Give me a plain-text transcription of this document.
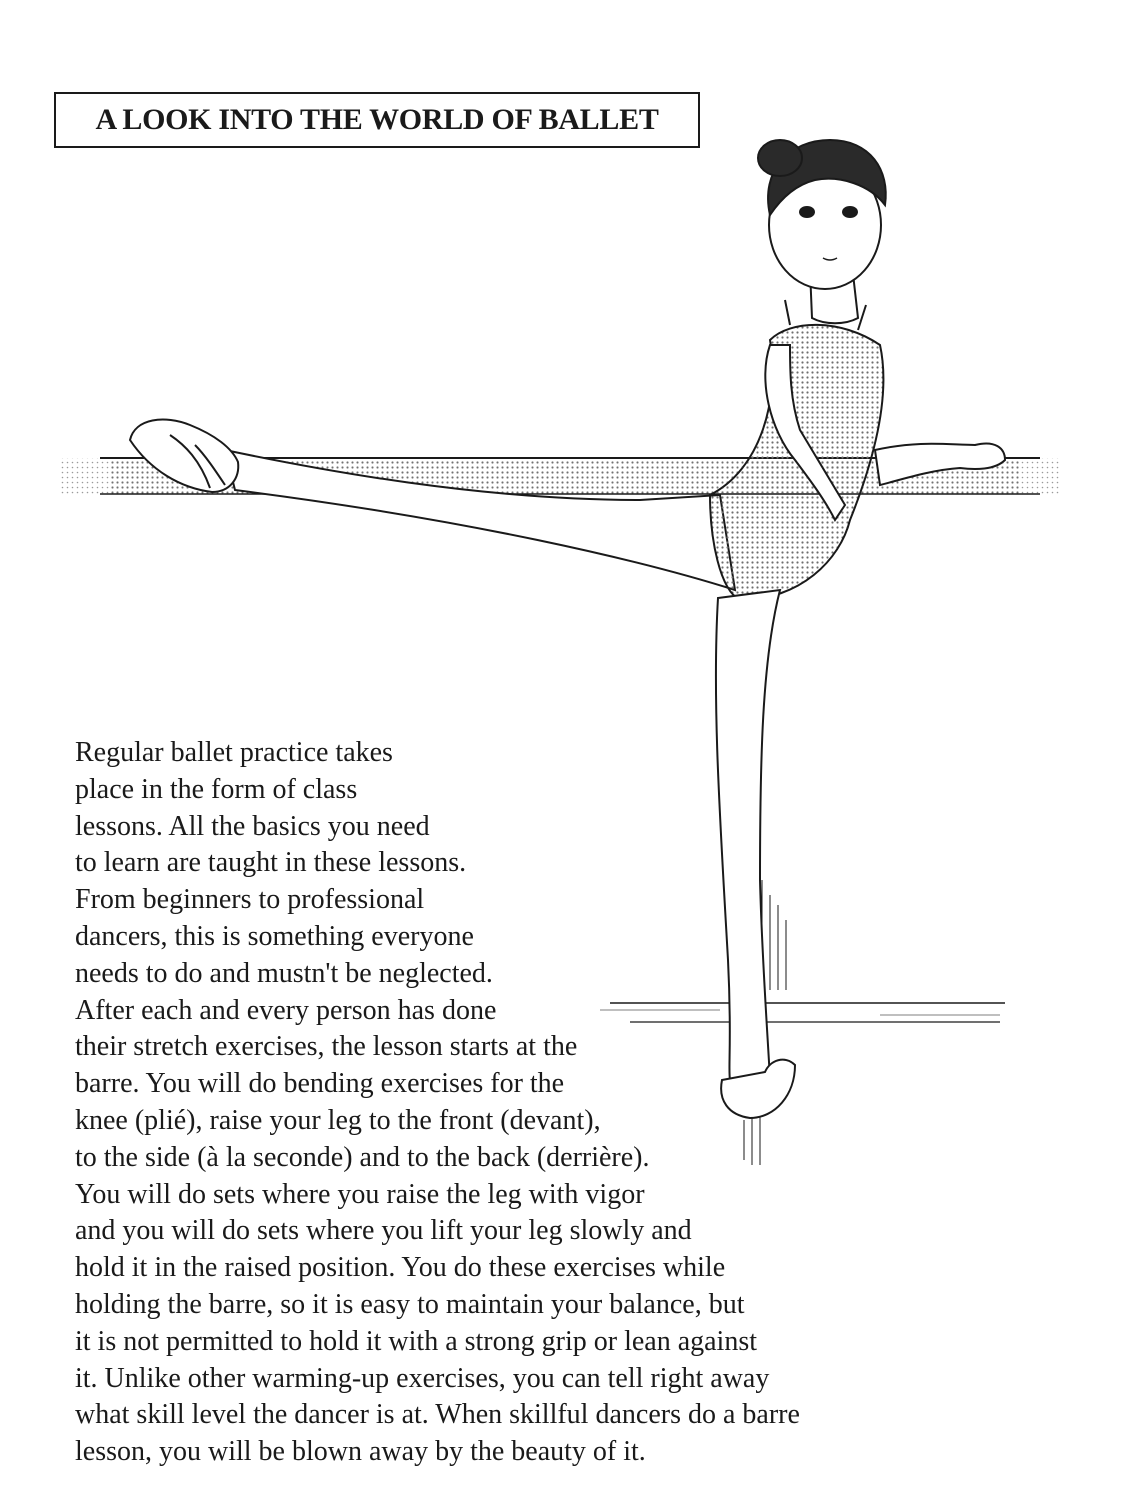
A LOOK INTO THE WORLD OF BALLET
Regular ballet practice takes
place in the form of class
lessons. All the basics you need
to learn are taught in these lessons.
From beginners to professional
dancers, this is something everyone
needs to do and mustn't be neglected.
After each and every person has done
their stretch exercises, the lesson starts at the
barre. You will do bending exercises for the
knee (plié), raise your leg to the front (devant),
to the side (à la seconde) and to the back (derrière).
You will do sets where you raise the leg with vigor
and you will do sets where you lift your leg slowly and
hold it in the raised position. You do these exercises while
holding the barre, so it is easy to maintain your balance, but
it is not permitted to hold it with a strong grip or lean against
it. Unlike other warming-up exercises, you can tell right away
what skill level the dancer is at. When skillful dancers do a barre
lesson, you will be blown away by the beauty of it.
